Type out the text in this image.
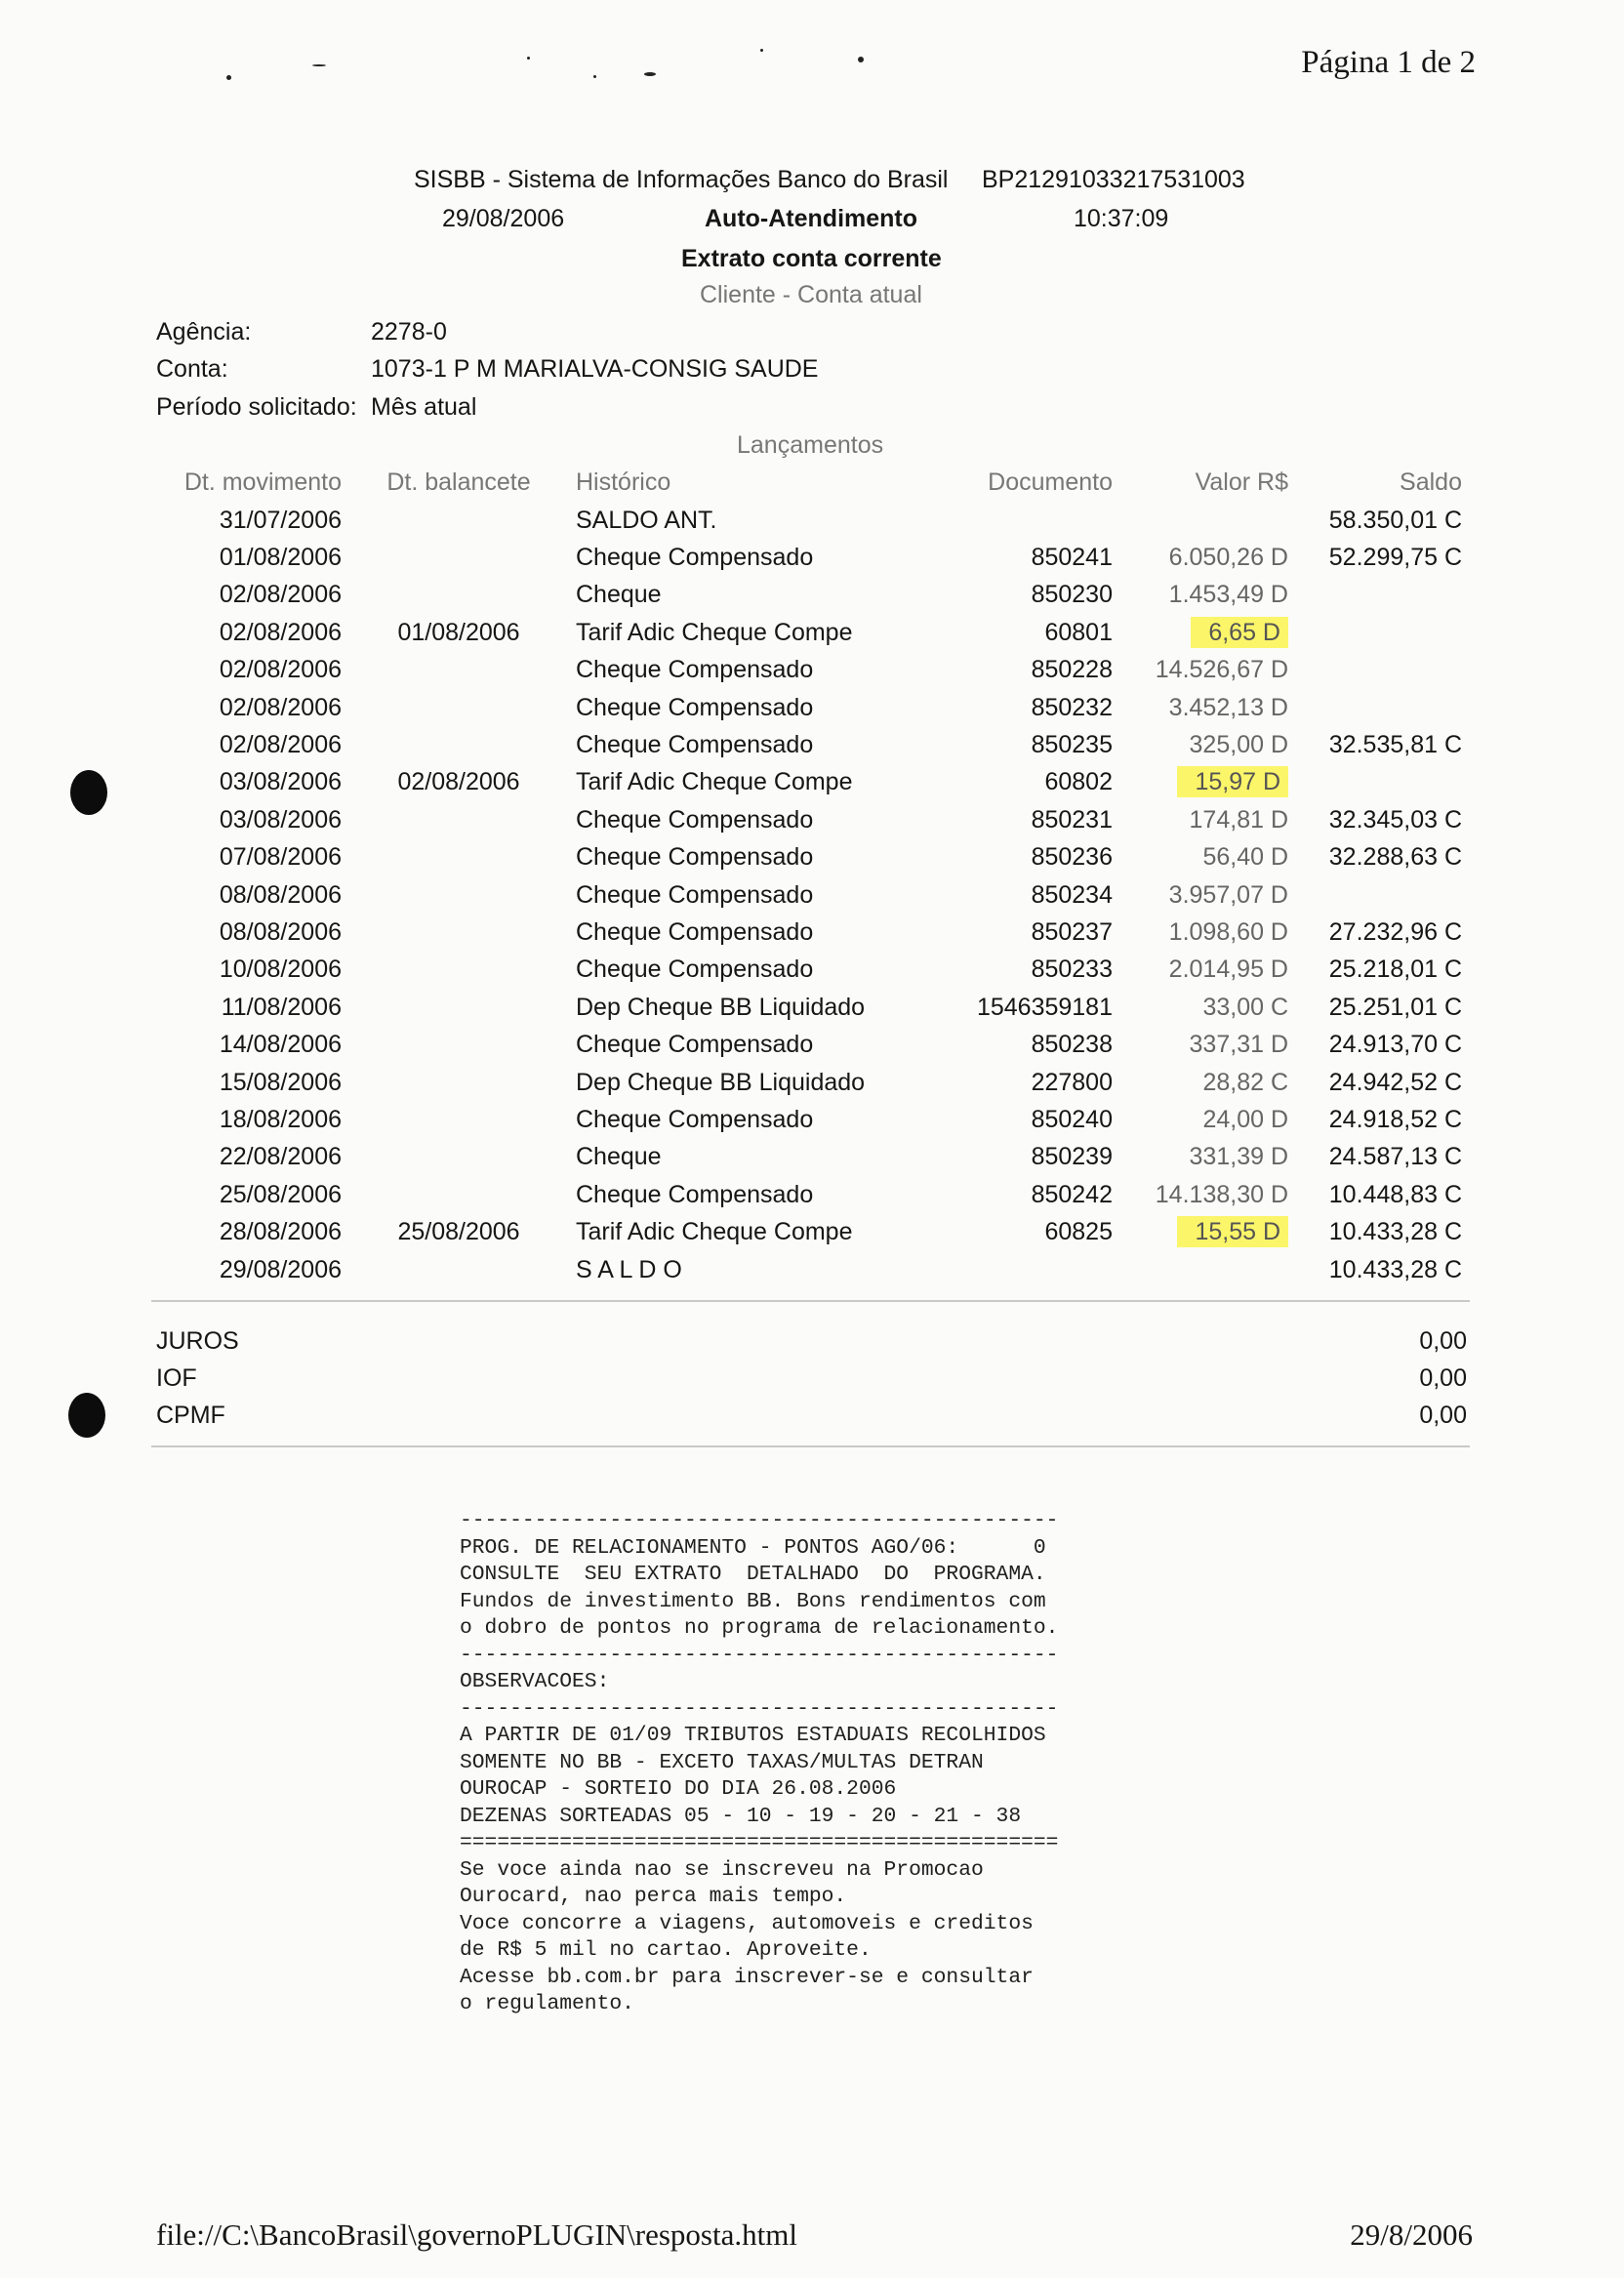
Página 1 de 2
SISBB - Sistema de Informações Banco do Brasil BP21291033217531003
29/08/2006	Auto-Atendimento	10:37:09
Extrato conta corrente
Cliente - Conta atual
Agência:	2278-0
Conta:	1073-1 P M MARIALVA-CONSIG SAUDE
Período solicitado: Mês atual
Lançamentos
Dt. movimento	Dt. balancete	Histórico	Documento	Valor R$	Saldo
31/07/2006		SALDO ANT.			58.350,01 C
01/08/2006		Cheque Compensado	850241	6.050,26 D	52.299,75 C
02/08/2006		Cheque	850230	1.453,49 D	
02/08/2006	01/08/2006	Tarif Adic Cheque Compe	60801	6,65 D	
02/08/2006		Cheque Compensado	850228	14.526,67 D	
02/08/2006		Cheque Compensado	850232	3.452,13 D	
02/08/2006		Cheque Compensado	850235	325,00 D	32.535,81 C
03/08/2006	02/08/2006	Tarif Adic Cheque Compe	60802	15,97 D	
03/08/2006		Cheque Compensado	850231	174,81 D	32.345,03 C
07/08/2006		Cheque Compensado	850236	56,40 D	32.288,63 C
08/08/2006		Cheque Compensado	850234	3.957,07 D	
08/08/2006		Cheque Compensado	850237	1.098,60 D	27.232,96 C
10/08/2006		Cheque Compensado	850233	2.014,95 D	25.218,01 C
11/08/2006		Dep Cheque BB Liquidado	1546359181	33,00 C	25.251,01 C
14/08/2006		Cheque Compensado	850238	337,31 D	24.913,70 C
15/08/2006		Dep Cheque BB Liquidado	227800	28,82 C	24.942,52 C
18/08/2006		Cheque Compensado	850240	24,00 D	24.918,52 C
22/08/2006		Cheque	850239	331,39 D	24.587,13 C
25/08/2006		Cheque Compensado	850242	14.138,30 D	10.448,83 C
28/08/2006	25/08/2006	Tarif Adic Cheque Compe	60825	15,55 D	10.433,28 C
29/08/2006		S A L D O			10.433,28 C
JUROS	0,00
IOF	0,00
CPMF	0,00
------------------------------------------------
PROG. DE RELACIONAMENTO - PONTOS AGO/06:      0
CONSULTE  SEU EXTRATO  DETALHADO  DO  PROGRAMA.
Fundos de investimento BB. Bons rendimentos com
o dobro de pontos no programa de relacionamento.
------------------------------------------------
OBSERVACOES:
------------------------------------------------
A PARTIR DE 01/09 TRIBUTOS ESTADUAIS RECOLHIDOS
SOMENTE NO BB - EXCETO TAXAS/MULTAS DETRAN
OUROCAP - SORTEIO DO DIA 26.08.2006
DEZENAS SORTEADAS 05 - 10 - 19 - 20 - 21 - 38
================================================
Se voce ainda nao se inscreveu na Promocao
Ourocard, nao perca mais tempo.
Voce concorre a viagens, automoveis e creditos
de R$ 5 mil no cartao. Aproveite.
Acesse bb.com.br para inscrever-se e consultar
o regulamento.
file://C:\BancoBrasil\governoPLUGIN\resposta.html	29/8/2006
